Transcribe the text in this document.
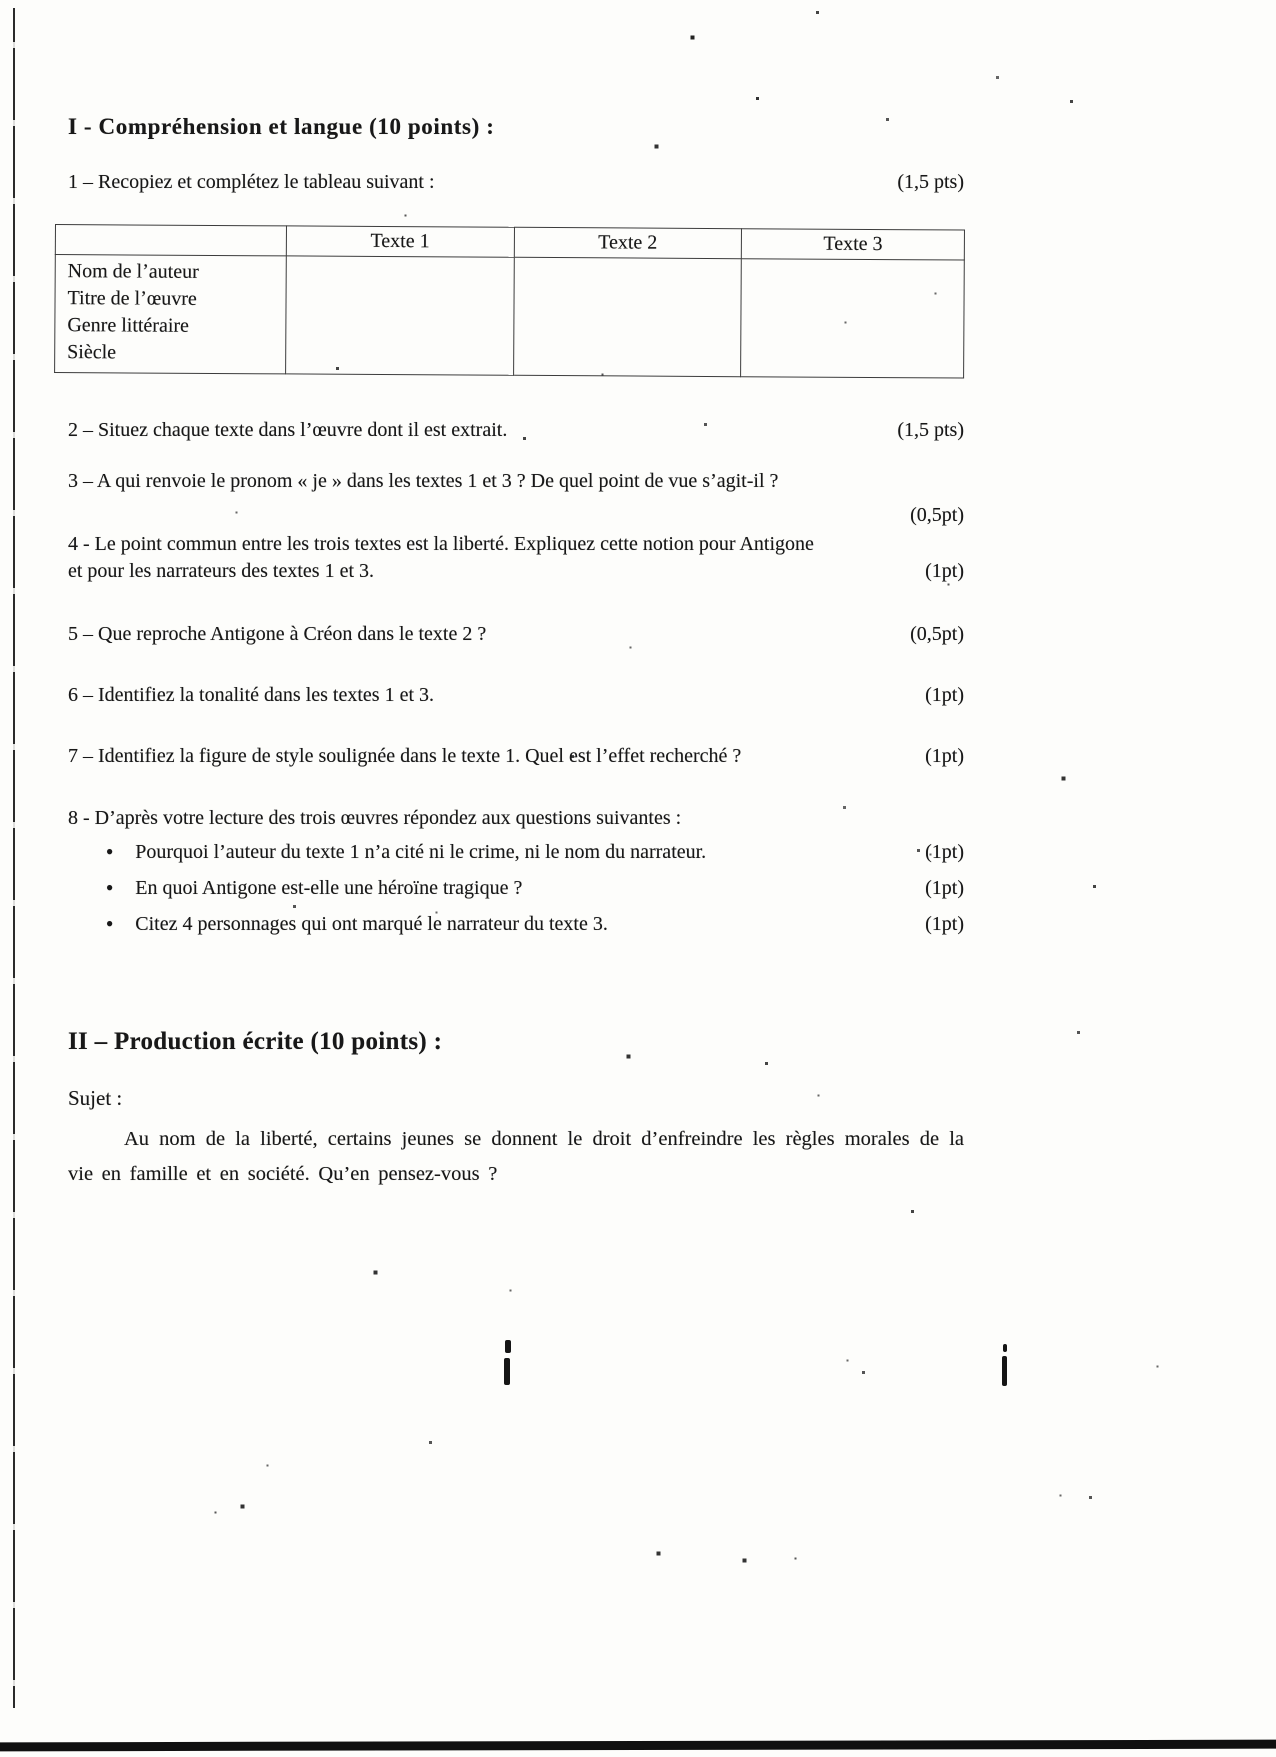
I - Compréhension et langue (10 points) :
1 – Recopiez et complétez le tableau suivant :	(1,5 pts)
	Texte 1	Texte 2	Texte 3

Nom de l’auteur
Titre de l’œuvre
Genre littéraire
Siècle			

2 – Situez chaque texte dans l’œuvre dont il est extrait.	(1,5 pts)
3 – A qui renvoie le pronom « je » dans les textes 1 et 3 ? De quel point de vue s’agit-il ?
(0,5pt)
4 - Le point commun entre les trois textes est la liberté. Expliquez cette notion pour Antigone
et pour les narrateurs des textes 1 et 3.	(1pt)
5 – Que reproche Antigone à Créon dans le texte 2 ?	(0,5pt)
6 – Identifiez la tonalité dans les textes 1 et 3.	(1pt)
7 – Identifiez la figure de style soulignée dans le texte 1. Quel est l’effet recherché ?	(1pt)
8 - D’après votre lecture des trois œuvres répondez aux questions suivantes :
● Pourquoi l’auteur du texte 1 n’a cité ni le crime, ni le nom du narrateur.	(1pt)
● En quoi Antigone est-elle une héroïne tragique ?	(1pt)
● Citez 4 personnages qui ont marqué le narrateur du texte 3.	(1pt)
II – Production écrite (10 points) :
Sujet :

Au nom de la liberté, certains jeunes se donnent le droit d’enfreindre les règles morales de la vie en famille et en société. Qu’en pensez-vous ?
